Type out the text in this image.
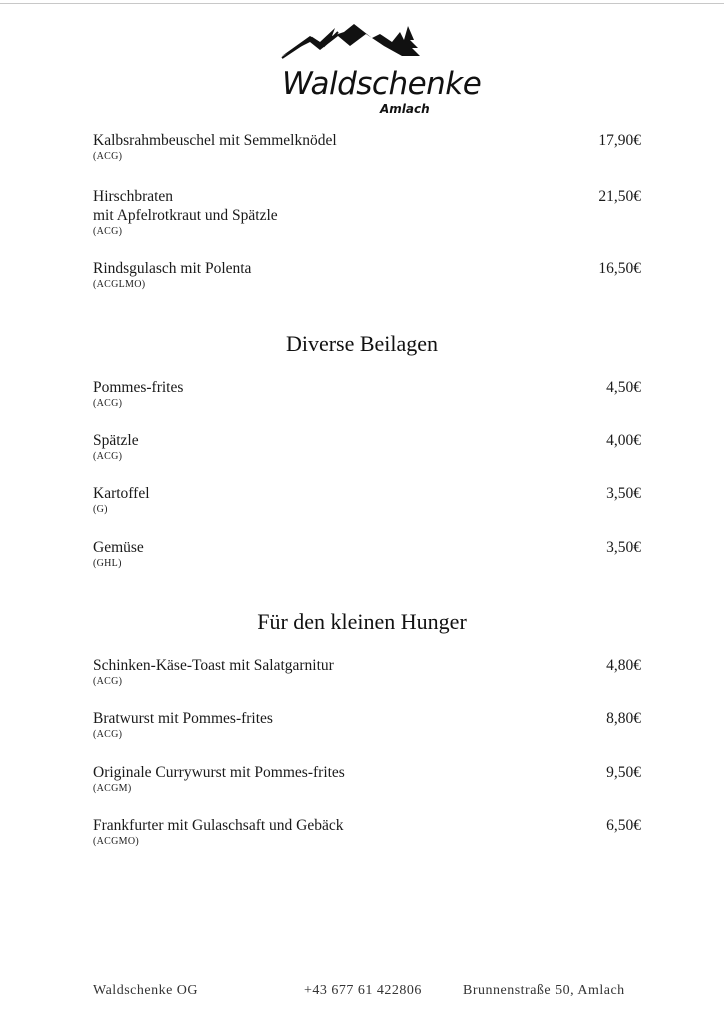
Waldschenke
Amlach
Kalbsrahmbeuschel mit Semmelknödel
(ACG)
17,90€
Hirschbraten
mit Apfelrotkraut und Spätzle
(ACG)
21,50€
Rindsgulasch mit Polenta
(ACGLMO)
16,50€
Diverse Beilagen
Pommes-frites
(ACG)
4,50€
Spätzle
(ACG)
4,00€
Kartoffel
(G)
3,50€
Gemüse
(GHL)
3,50€
Für den kleinen Hunger
Schinken-Käse-Toast mit Salatgarnitur
(ACG)
4,80€
Bratwurst mit Pommes-frites
(ACG)
8,80€
Originale Currywurst mit Pommes-frites
(ACGM)
9,50€
Frankfurter mit Gulaschsaft und Gebäck
(ACGMO)
6,50€
Waldschenke OG	+43 677 61 422806	Brunnenstraße 50, Amlach
